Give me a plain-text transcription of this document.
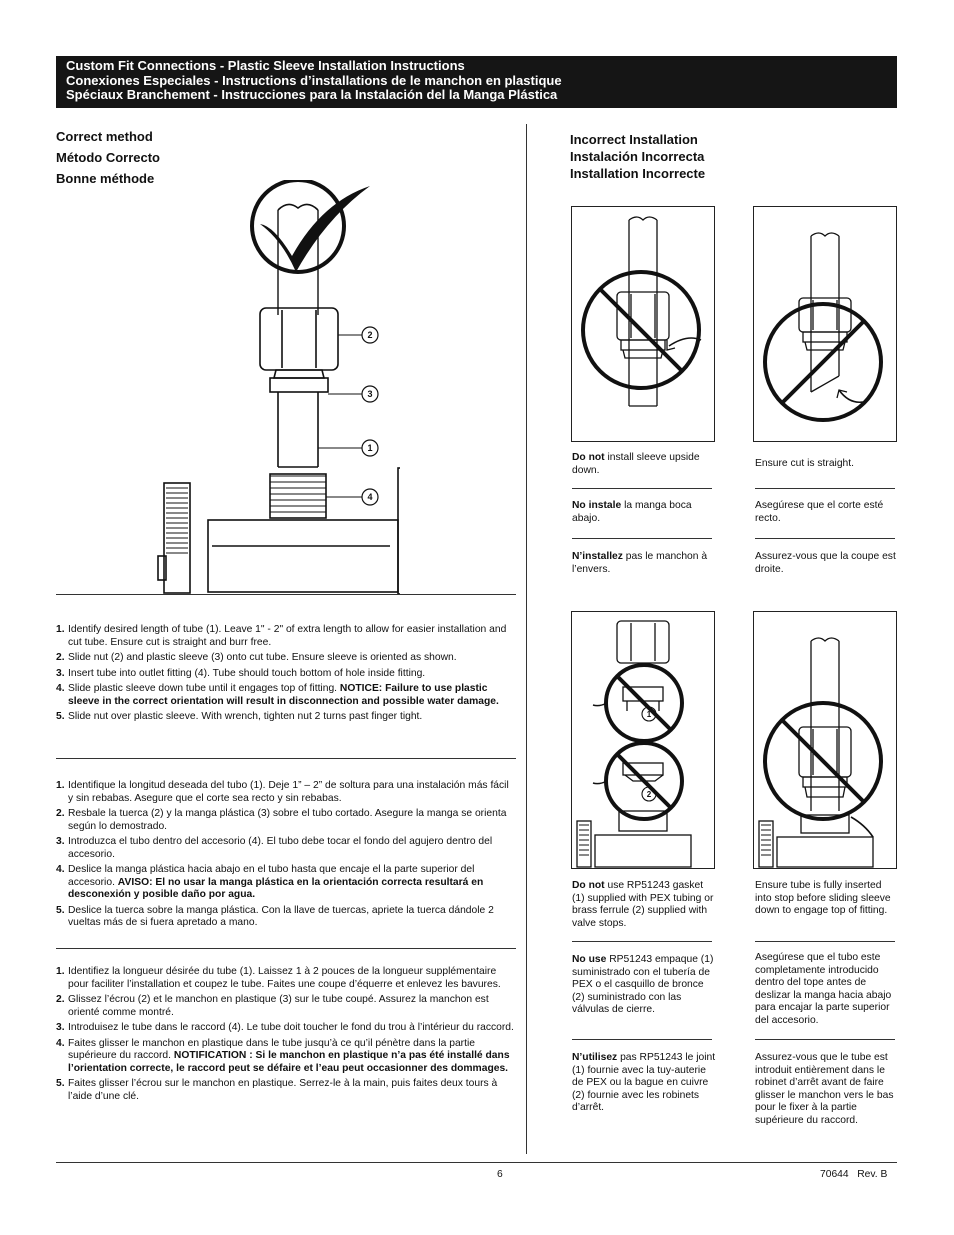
Custom Fit Connections - Plastic Sleeve Installation Instructions
Conexiones Especiales - Instructions d’installations de le manchon en plastique
Spéciaux Branchement - Instrucciones para la Instalación del la Manga Plástica
Correct method
Método Correcto
Bonne méthode
2
3
1
4
1. Identify desired length of tube (1). Leave 1" - 2" of extra length to allow for easier installation and cut tube. Ensure cut is straight and burr free.
2. Slide nut (2) and plastic sleeve (3) onto cut tube. Ensure sleeve is oriented as shown.
3. Insert tube into outlet fitting (4). Tube should touch bottom of hole inside fitting.
4. Slide plastic sleeve down tube until it engages top of fitting. NOTICE: Failure to use plastic sleeve in the correct orientation will result in disconnection and possible water damage.
5. Slide nut over plastic sleeve. With wrench, tighten nut 2 turns past finger tight.
1. Identifique la longitud deseada del tubo (1). Deje 1” – 2” de soltura para una instalación más fácil y sin rebabas. Asegure que el corte sea recto y sin rebabas.
2. Resbale la tuerca (2) y la manga plástica (3) sobre el tubo cortado. Asegure la manga se orienta según lo demostrado.
3. Introduzca el tubo dentro del accesorio (4). El tubo debe tocar el fondo del agujero dentro del accesorio.
4. Deslice la manga plástica hacia abajo en el tubo hasta que encaje el la parte superior del accesorio. AVISO: El no usar la manga plástica en la orientación correcta resultará en desconexión y posible daño por agua.
5. Deslice la tuerca sobre la manga plástica. Con la llave de tuercas, apriete la tuerca dándole 2 vueltas más de si fuera apretado a mano.
1. Identifiez la longueur désirée du tube (1). Laissez 1 à 2 pouces de la longueur supplémentaire pour faciliter l’installation et coupez le tube. Faites une coupe d’équerre et enlevez les bavures.
2. Glissez l’écrou (2) et le manchon en plastique (3) sur le tube coupé. Assurez la manchon est orienté comme montré.
3. Introduisez le tube dans le raccord (4). Le tube doit toucher le fond du trou à l’intérieur du raccord.
4. Faites glisser le manchon en plastique dans le tube jusqu’à ce qu’il pénètre dans la partie supérieure du raccord. NOTIFICATION : Si le manchon en plastique n’a pas été installé dans l’orientation correcte, le raccord peut se défaire et l’eau peut occasionner des dommages.
5. Faites glisser l’écrou sur le manchon en plastique. Serrez-le à la main, puis faites deux tours à l’aide d’une clé.
Incorrect Installation
Instalación Incorrecta
Installation Incorrecte
Do not install sleeve upside down.
No instale la manga boca abajo.
N’installez pas le manchon à l’envers.
Ensure cut is straight.
Asegúrese que el corte esté recto.
Assurez-vous que la coupe est droite.
1
2
Do not use RP51243 gasket (1) supplied with PEX tubing or brass ferrule (2) supplied with valve stops.
No use RP51243 empaque (1) suministrado con el tubería de PEX o el casquillo de bronce (2) suministrado con las válvulas de cierre.
N’utilisez pas RP51243 le joint (1) fournie avec la tuy-auterie de PEX ou la bague en cuivre (2) fournie avec les robinets d’arrêt.
Ensure tube is fully inserted into stop before sliding sleeve down to engage top of fitting.
Asegúrese que el tubo este completamente introducido dentro del tope antes de deslizar la manga hacia abajo para encajar la parte superior del accesorio.
Assurez-vous que le tube est introduit entièrement dans le robinet d’arrêt avant de faire glisser le manchon vers le bas pour le fixer à la partie supérieure du raccord.
6	70644   Rev. B
